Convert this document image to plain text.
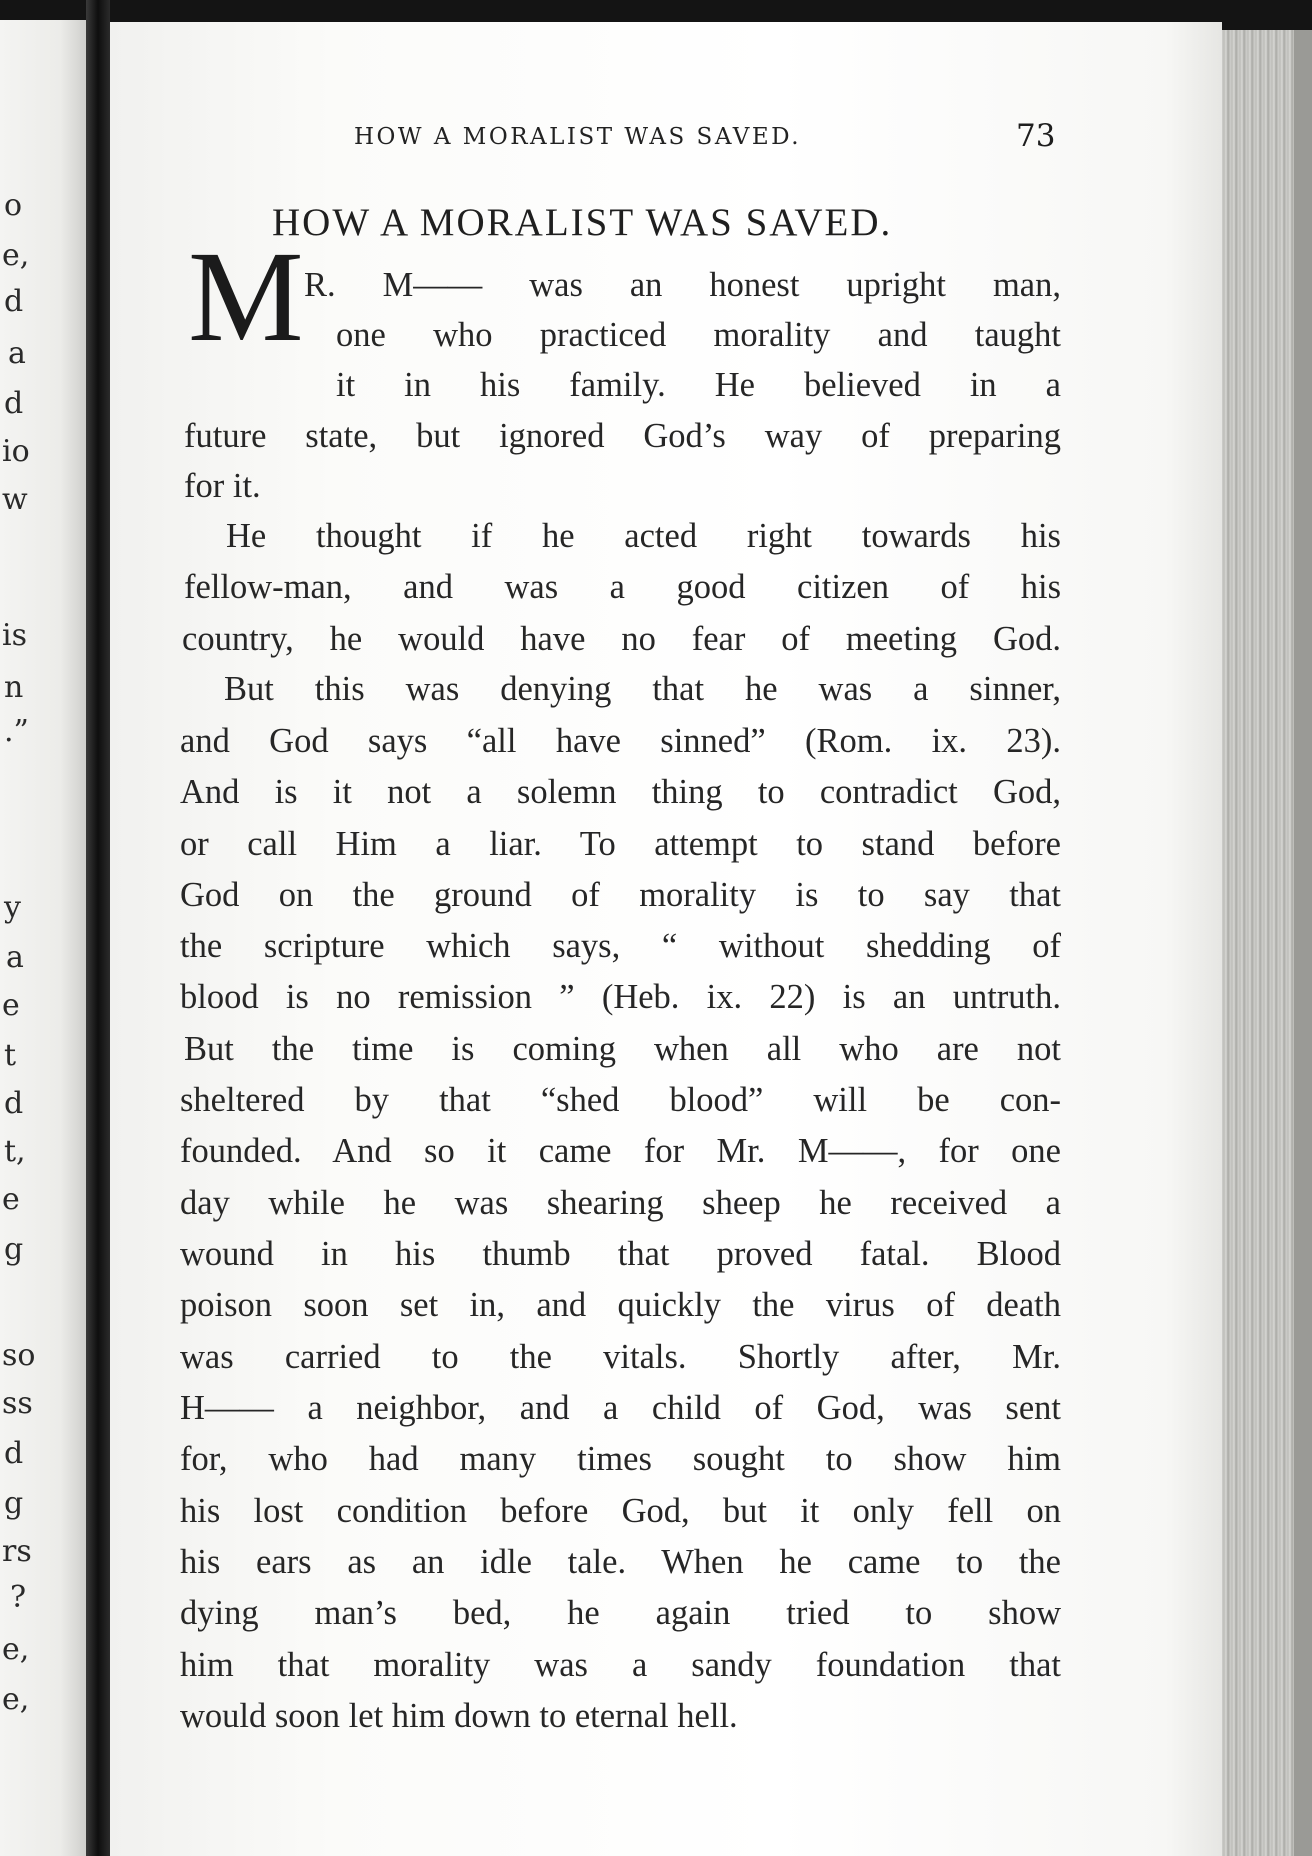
o
e,
d
a
d
io
w
is
n
.”
y
a
e
t
d
t,
e
g
so
ss
d
g
rs
?
e,
e,
HOW A MORALIST WAS SAVED.	73
HOW A MORALIST WAS SAVED.
M R. M—— was an honest upright man,
one who practiced morality and taught
it in his family. He believed in a
future state, but ignored God’s way of preparing
for it.
He thought if he acted right towards his
fellow-man, and was a good citizen of his
country, he would have no fear of meeting God.
But this was denying that he was a sinner,
and God says “all have sinned” (Rom. ix. 23).
And is it not a solemn thing to contradict God,
or call Him a liar. To attempt to stand before
God on the ground of morality is to say that
the scripture which says, “ without shedding of
blood is no remission ” (Heb. ix. 22) is an untruth.
But the time is coming when all who are not
sheltered by that “shed blood” will be con-
founded. And so it came for Mr. M——, for one
day while he was shearing sheep he received a
wound in his thumb that proved fatal. Blood
poison soon set in, and quickly the virus of death
was carried to the vitals. Shortly after, Mr.
H—— a neighbor, and a child of God, was sent
for, who had many times sought to show him
his lost condition before God, but it only fell on
his ears as an idle tale. When he came to the
dying man’s bed, he again tried to show
him that morality was a sandy foundation that
would soon let him down to eternal hell.
